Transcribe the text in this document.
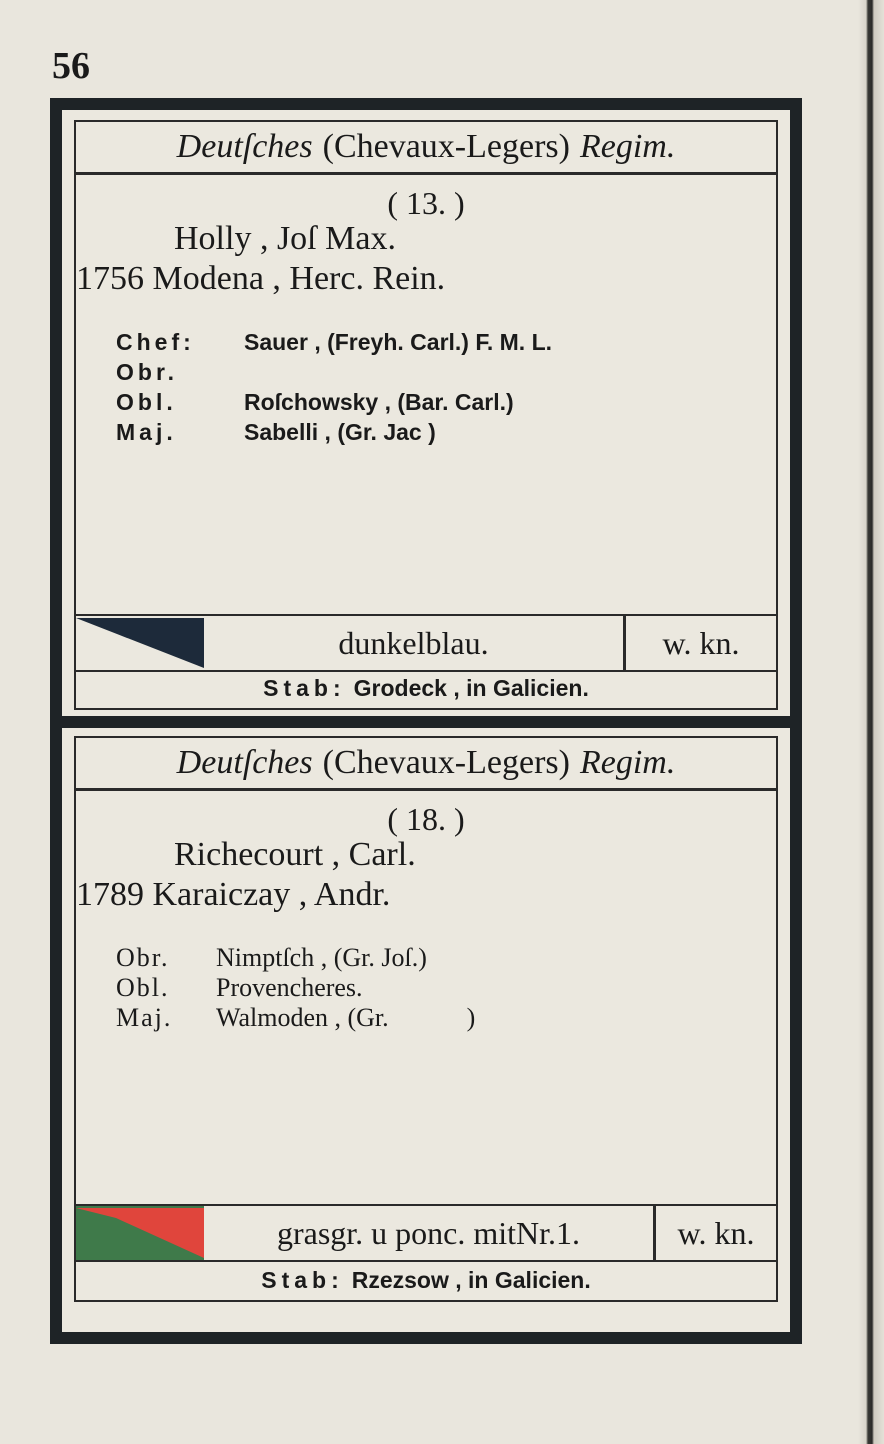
56
Deutſches (Chevaux-Legers) Regim.
( 13. )
Holly , Joſ Max.
1756 Modena , Herc. Rein.
Chef:	Sauer , (Freyh. Carl.) F. M. L.
Obr.
Obl.	Roſchowsky , (Bar. Carl.)
Maj.	Sabelli , (Gr. Jac )
dunkelblau.	w. kn.
Stab: Grodeck , in Galicien.
Deutſches (Chevaux-Legers) Regim.
( 18. )
Richecourt , Carl.
1789 Karaiczay , Andr.
Obr.	Nimptſch , (Gr. Joſ.)
Obl.	Provencheres.
Maj.	Walmoden , (Gr.            )
grasgr. u ponc. mitNr.1.	w. kn.
Stab: Rzezsow , in Galicien.
